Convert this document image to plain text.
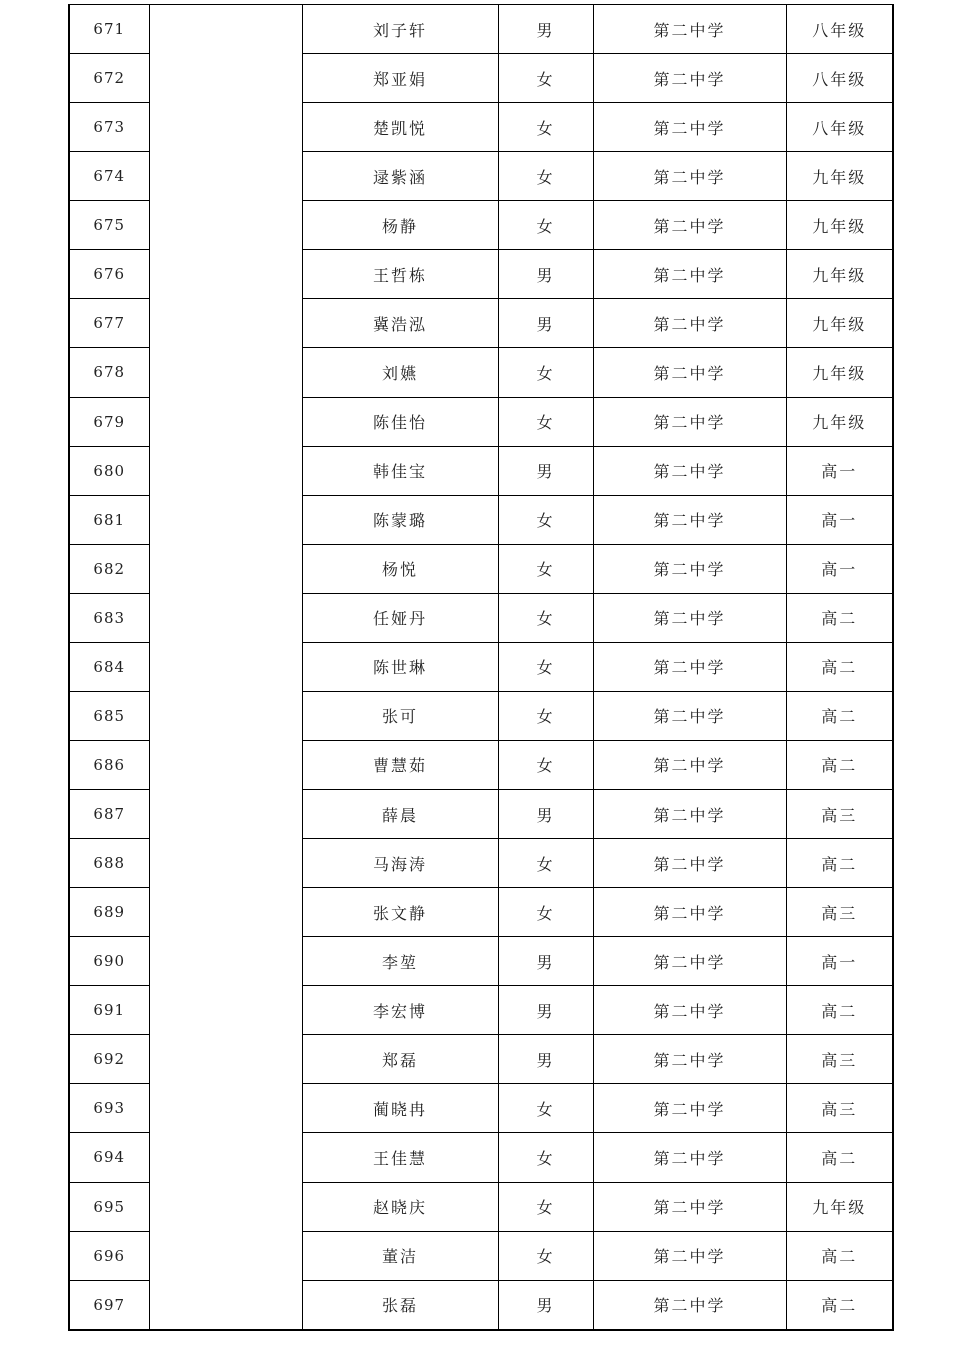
671		刘子轩	男	第二中学	八年级
672		郑亚娟	女	第二中学	八年级
673		楚凯悦	女	第二中学	八年级
674		逯紫涵	女	第二中学	九年级
675		杨静	女	第二中学	九年级
676		王哲栋	男	第二中学	九年级
677		冀浩泓	男	第二中学	九年级
678		刘嬿	女	第二中学	九年级
679		陈佳怡	女	第二中学	九年级
680		韩佳宝	男	第二中学	高一
681		陈蒙璐	女	第二中学	高一
682		杨悦	女	第二中学	高一
683		任娅丹	女	第二中学	高二
684		陈世琳	女	第二中学	高二
685		张可	女	第二中学	高二
686		曹慧茹	女	第二中学	高二
687		薛晨	男	第二中学	高三
688		马海涛	女	第二中学	高二
689		张文静	女	第二中学	高三
690		李堃	男	第二中学	高一
691		李宏博	男	第二中学	高二
692		郑磊	男	第二中学	高三
693		蔺晓冉	女	第二中学	高三
694		王佳慧	女	第二中学	高二
695		赵晓庆	女	第二中学	九年级
696		董洁	女	第二中学	高二
697		张磊	男	第二中学	高二
